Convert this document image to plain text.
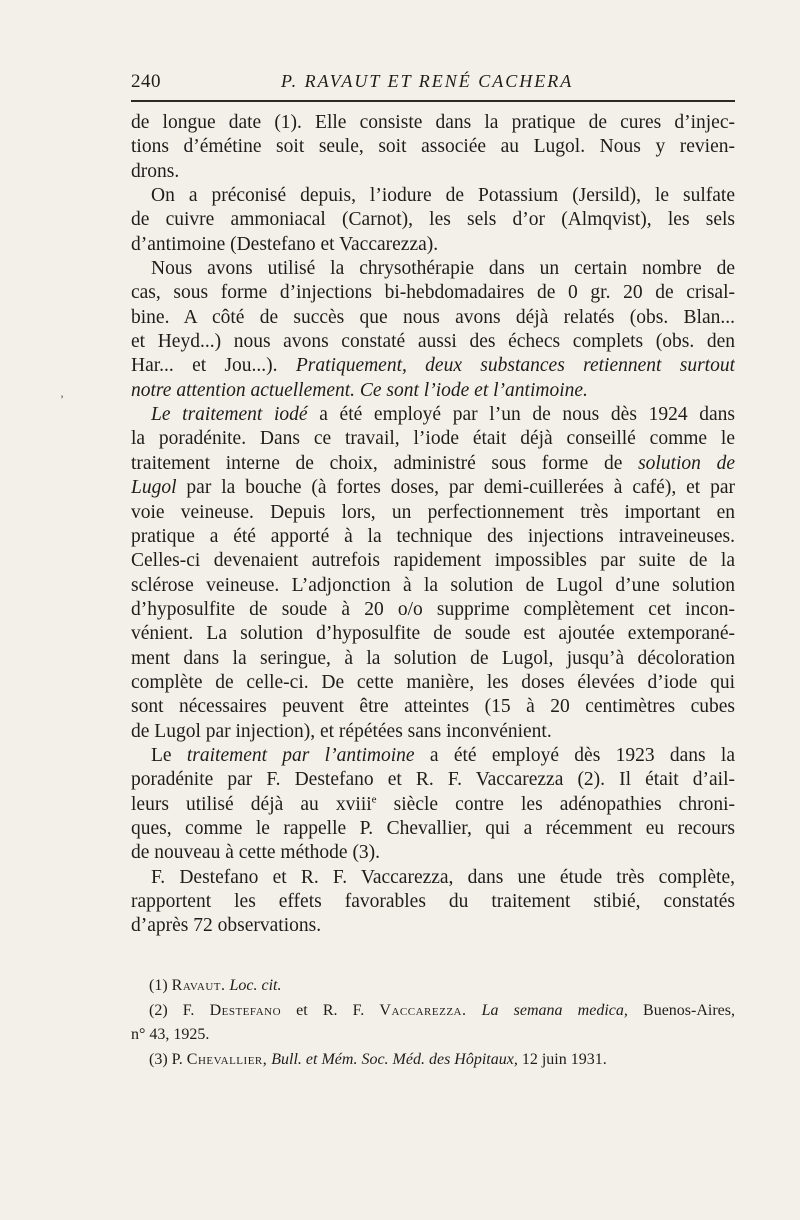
240	P. RAVAUT ET RENÉ CACHERA
’
de longue date (1). Elle consiste dans la pratique de cures d’injec-
tions d’émétine soit seule, soit associée au Lugol. Nous y revien-
drons.
On a préconisé depuis, l’iodure de Potassium (Jersild), le sulfate
de cuivre ammoniacal (Carnot), les sels d’or (Almqvist), les sels
d’antimoine (Destefano et Vaccarezza).
Nous avons utilisé la chrysothérapie dans un certain nombre de
cas, sous forme d’injections bi-hebdomadaires de 0 gr. 20 de crisal-
bine. A côté de succès que nous avons déjà relatés (obs. Blan...
et Heyd...) nous avons constaté aussi des échecs complets (obs. den
Har... et Jou...). Pratiquement, deux substances retiennent surtout
notre attention actuellement. Ce sont l’iode et l’antimoine.
Le traitement iodé a été employé par l’un de nous dès 1924 dans
la poradénite. Dans ce travail, l’iode était déjà conseillé comme le
traitement interne de choix, administré sous forme de solution de
Lugol par la bouche (à fortes doses, par demi-cuillerées à café), et par
voie veineuse. Depuis lors, un perfectionnement très important en
pratique a été apporté à la technique des injections intraveineuses.
Celles-ci devenaient autrefois rapidement impossibles par suite de la
sclérose veineuse. L’adjonction à la solution de Lugol d’une solution
d’hyposulfite de soude à 20 o/o supprime complètement cet incon-
vénient. La solution d’hyposulfite de soude est ajoutée extemporané-
ment dans la seringue, à la solution de Lugol, jusqu’à décoloration
complète de celle-ci. De cette manière, les doses élevées d’iode qui
sont nécessaires peuvent être atteintes (15 à 20 centimètres cubes
de Lugol par injection), et répétées sans inconvénient.
Le traitement par l’antimoine a été employé dès 1923 dans la
poradénite par F. Destefano et R. F. Vaccarezza (2). Il était d’ail-
leurs utilisé déjà au xviii$^e$ siècle contre les adénopathies chroni-
ques, comme le rappelle P. Chevallier, qui a récemment eu recours
de nouveau à cette méthode (3).
F. Destefano et R. F. Vaccarezza, dans une étude très complète,
rapportent les effets favorables du traitement stibié, constatés
d’après 72 observations.
(1) Ravaut. Loc. cit.
(2) F. Destefano et R. F. Vaccarezza. La semana medica, Buenos-Aires,
n° 43, 1925.
(3) P. Chevallier, Bull. et Mém. Soc. Méd. des Hôpitaux, 12 juin 1931.
